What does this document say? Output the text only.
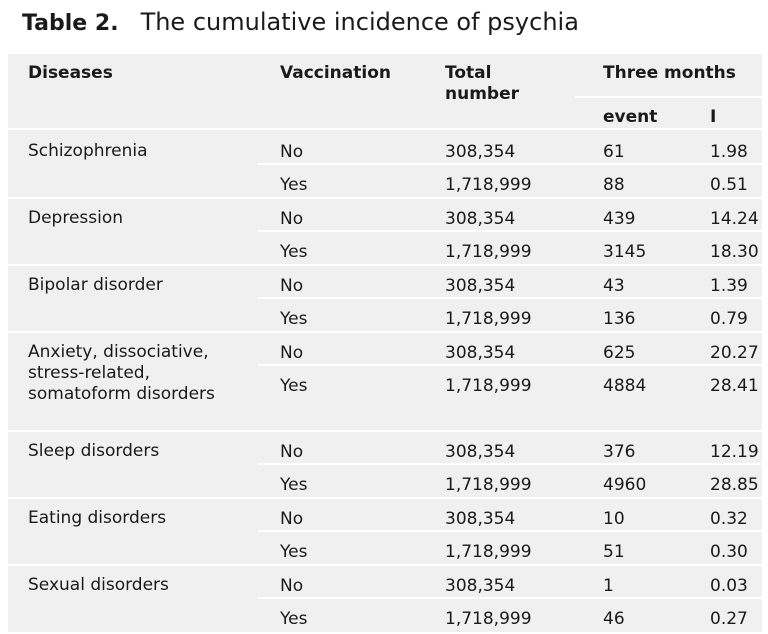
Table 2. The cumulative incidence of psychia
Diseases	Vaccination	Total number
Three months
event	I
Schizophrenia	No	308,354	61	1.98
Yes	1,718,999	88	0.51
Depression	No	308,354	439	14.24
Yes	1,718,999	3145	18.30
Bipolar disorder	No	308,354	43	1.39
Yes	1,718,999	136	0.79
Anxiety, dissociative, stress-related, somatoform disorders
No	308,354	625	20.27
Yes	1,718,999	4884	28.41
Sleep disorders	No	308,354	376	12.19
Yes	1,718,999	4960	28.85
Eating disorders	No	308,354	10	0.32
Yes	1,718,999	51	0.30
Sexual disorders	No	308,354	1	0.03
Yes	1,718,999	46	0.27
